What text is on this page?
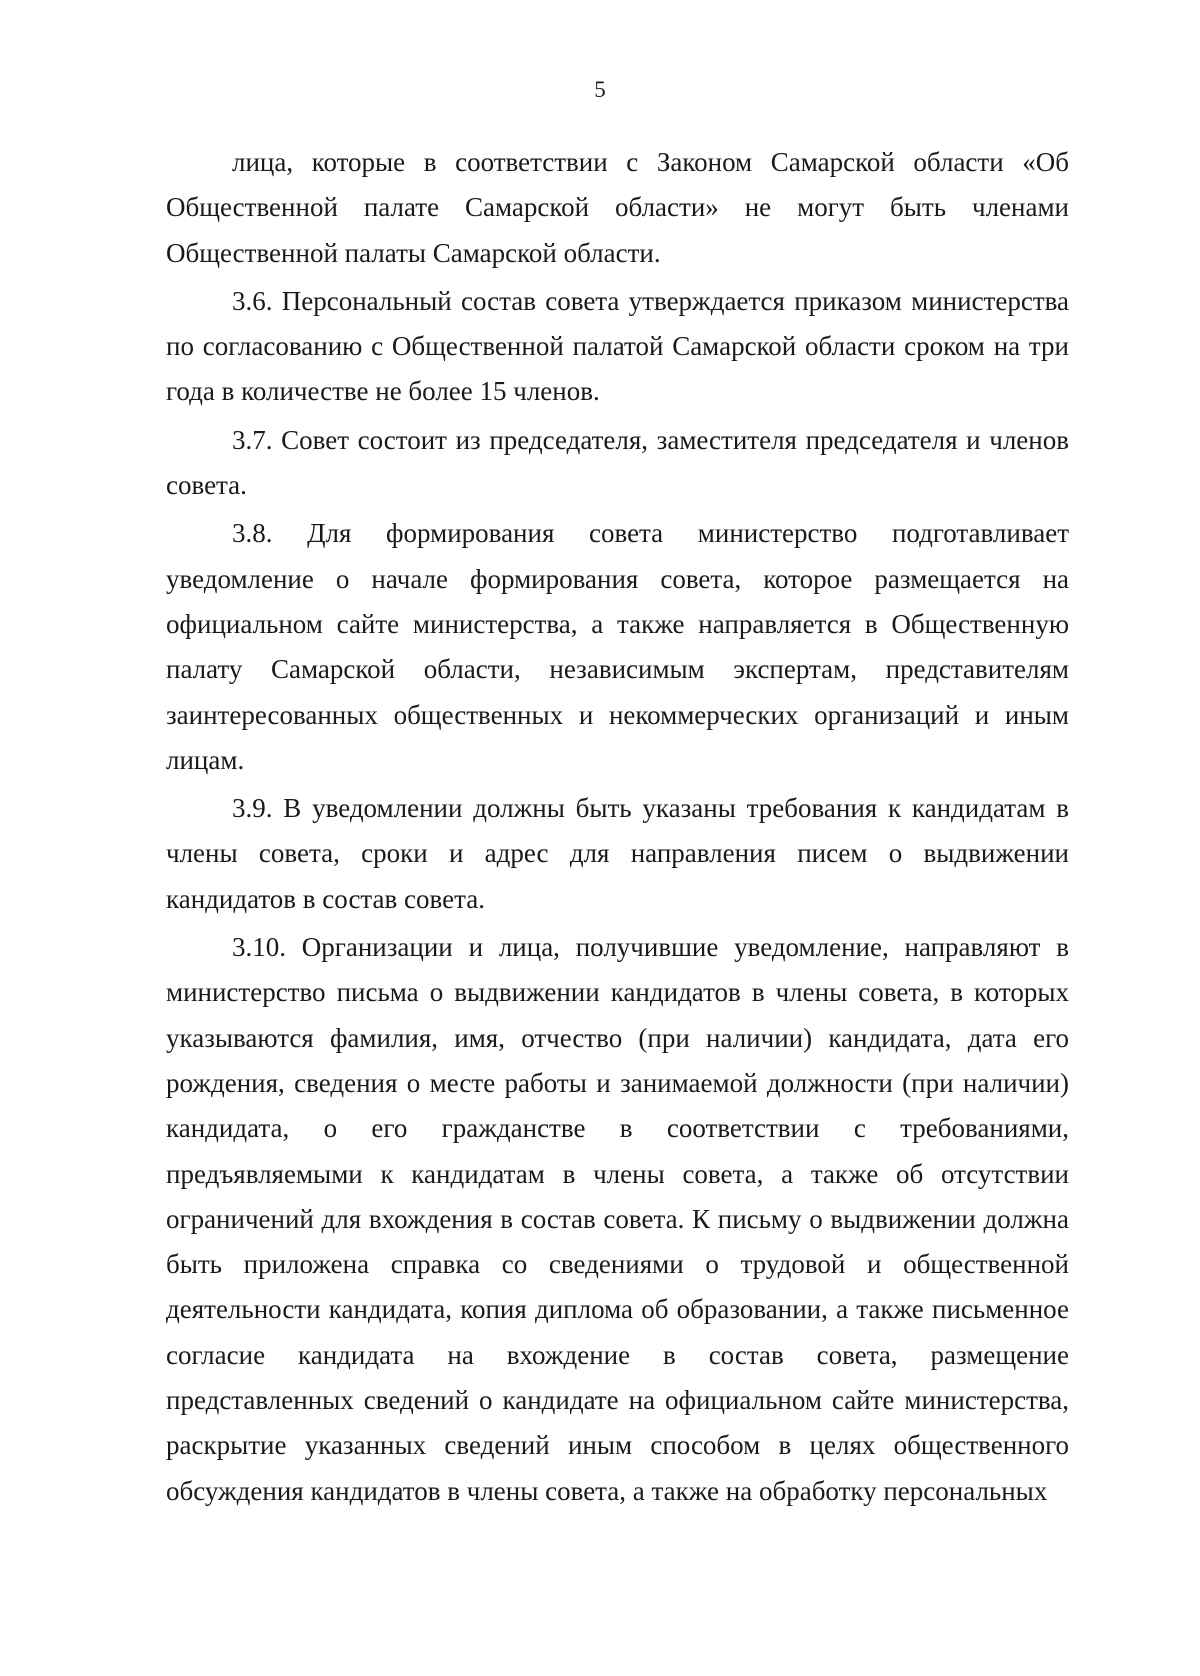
5

лица, которые в соответствии с Законом Самарской области «Об Общественной палате Самарской области» не могут быть членами Общественной палаты Самарской области.

3.6. Персональный состав совета утверждается приказом министерства по согласованию с Общественной палатой Самарской области сроком на три года в количестве не более 15 членов.

3.7. Совет состоит из председателя, заместителя председателя и членов совета.

3.8. Для формирования совета министерство подготавливает уведомление о начале формирования совета, которое размещается на официальном сайте министерства, а также направляется в Общественную палату Самарской области, независимым экспертам, представителям заинтересованных общественных и некоммерческих организаций и иным лицам.

3.9. В уведомлении должны быть указаны требования к кандидатам в члены совета, сроки и адрес для направления писем о выдвижении кандидатов в состав совета.

3.10. Организации и лица, получившие уведомление, направляют в министерство письма о выдвижении кандидатов в члены совета, в которых указываются фамилия, имя, отчество (при наличии) кандидата, дата его рождения, сведения о месте работы и занимаемой должности (при наличии) кандидата, о его гражданстве в соответствии с требованиями, предъявляемыми к кандидатам в члены совета, а также об отсутствии ограничений для вхождения в состав совета. К письму о выдвижении должна быть приложена справка со сведениями о трудовой и общественной деятельности кандидата, копия диплома об образовании, а также письменное согласие кандидата на вхождение в состав совета, размещение представленных сведений о кандидате на официальном сайте министерства, раскрытие указанных сведений иным способом в целях общественного обсуждения кандидатов в члены совета, а также на обработку персональных
